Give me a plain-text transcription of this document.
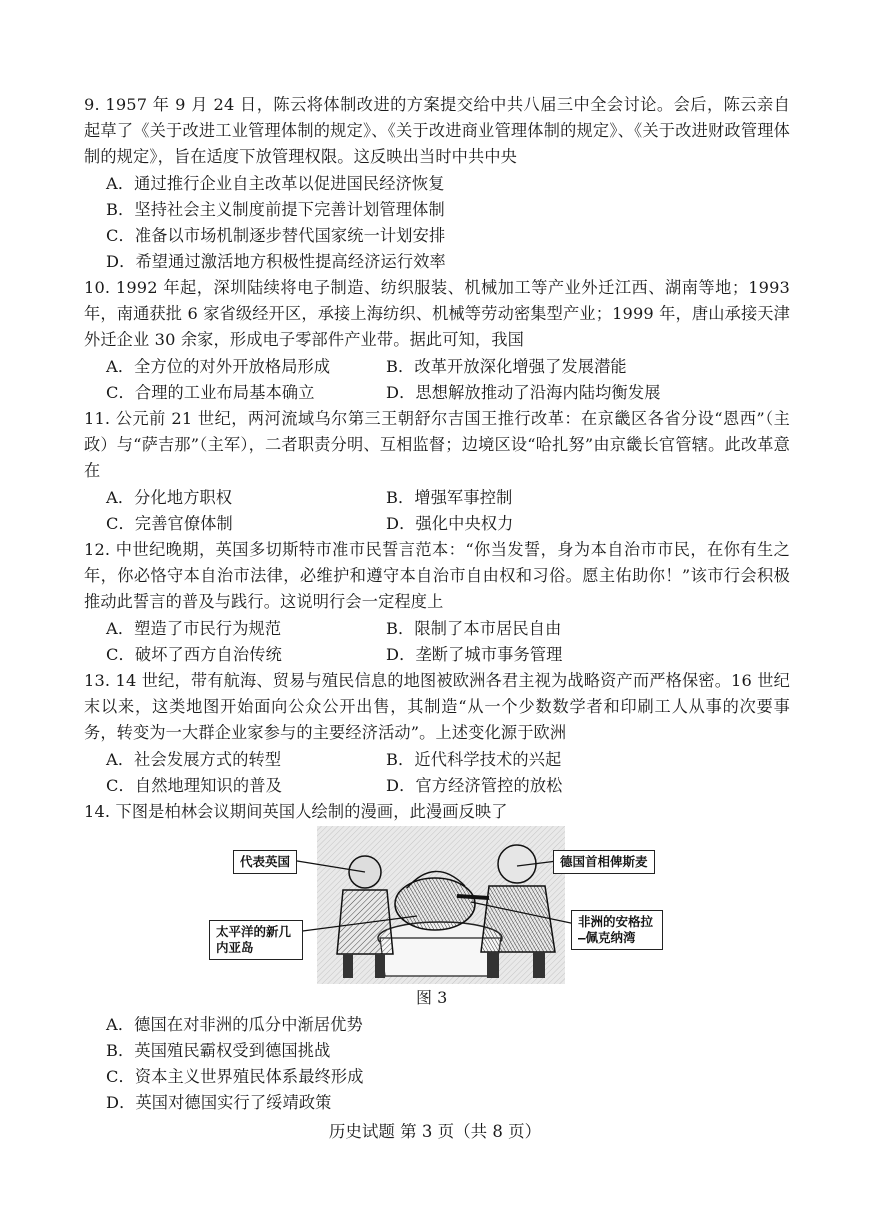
9. 1957 年 9 月 24 日，陈云将体制改进的方案提交给中共八届三中全会讨论。会后，陈云亲自起草了《关于改进工业管理体制的规定》、《关于改进商业管理体制的规定》、《关于改进财政管理体制的规定》，旨在适度下放管理权限。这反映出当时中共中央
A．通过推行企业自主改革以促进国民经济恢复
B．坚持社会主义制度前提下完善计划管理体制
C．准备以市场机制逐步替代国家统一计划安排
D．希望通过激活地方积极性提高经济运行效率
10. 1992 年起，深圳陆续将电子制造、纺织服装、机械加工等产业外迁江西、湖南等地；1993 年，南通获批 6 家省级经开区，承接上海纺织、机械等劳动密集型产业；1999 年，唐山承接天津外迁企业 30 余家，形成电子零部件产业带。据此可知，我国
A．全方位的对外开放格局形成	B．改革开放深化增强了发展潜能
C．合理的工业布局基本确立	D．思想解放推动了沿海内陆均衡发展
11. 公元前 21 世纪，两河流域乌尔第三王朝舒尔吉国王推行改革：在京畿区各省分设“恩西”（主政）与“萨吉那”（主军），二者职责分明、互相监督；边境区设“哈扎努”由京畿长官管辖。此改革意在
A．分化地方职权	B．增强军事控制
C．完善官僚体制	D．强化中央权力
12. 中世纪晚期，英国多切斯特市准市民誓言范本：“你当发誓，身为本自治市市民，在你有生之年，你必恪守本自治市法律，必维护和遵守本自治市自由权和习俗。愿主佑助你！”该市行会积极推动此誓言的普及与践行。这说明行会一定程度上
A．塑造了市民行为规范	B．限制了本市居民自由
C．破坏了西方自治传统	D．垄断了城市事务管理
13. 14 世纪，带有航海、贸易与殖民信息的地图被欧洲各君主视为战略资产而严格保密。16 世纪末以来，这类地图开始面向公众公开出售，其制造“从一个少数数学者和印刷工人从事的次要事务，转变为一大群企业家参与的主要经济活动”。上述变化源于欧洲
A．社会发展方式的转型	B．近代科学技术的兴起
C．自然地理知识的普及	D．官方经济管控的放松
14. 下图是柏林会议期间英国人绘制的漫画，此漫画反映了
代表英国	德国首相俾斯麦
太平洋的新几内亚岛
非洲的安格拉—佩克纳湾
图 3
A．德国在对非洲的瓜分中渐居优势
B．英国殖民霸权受到德国挑战
C．资本主义世界殖民体系最终形成
D．英国对德国实行了绥靖政策
历史试题 第 3 页（共 8 页）
